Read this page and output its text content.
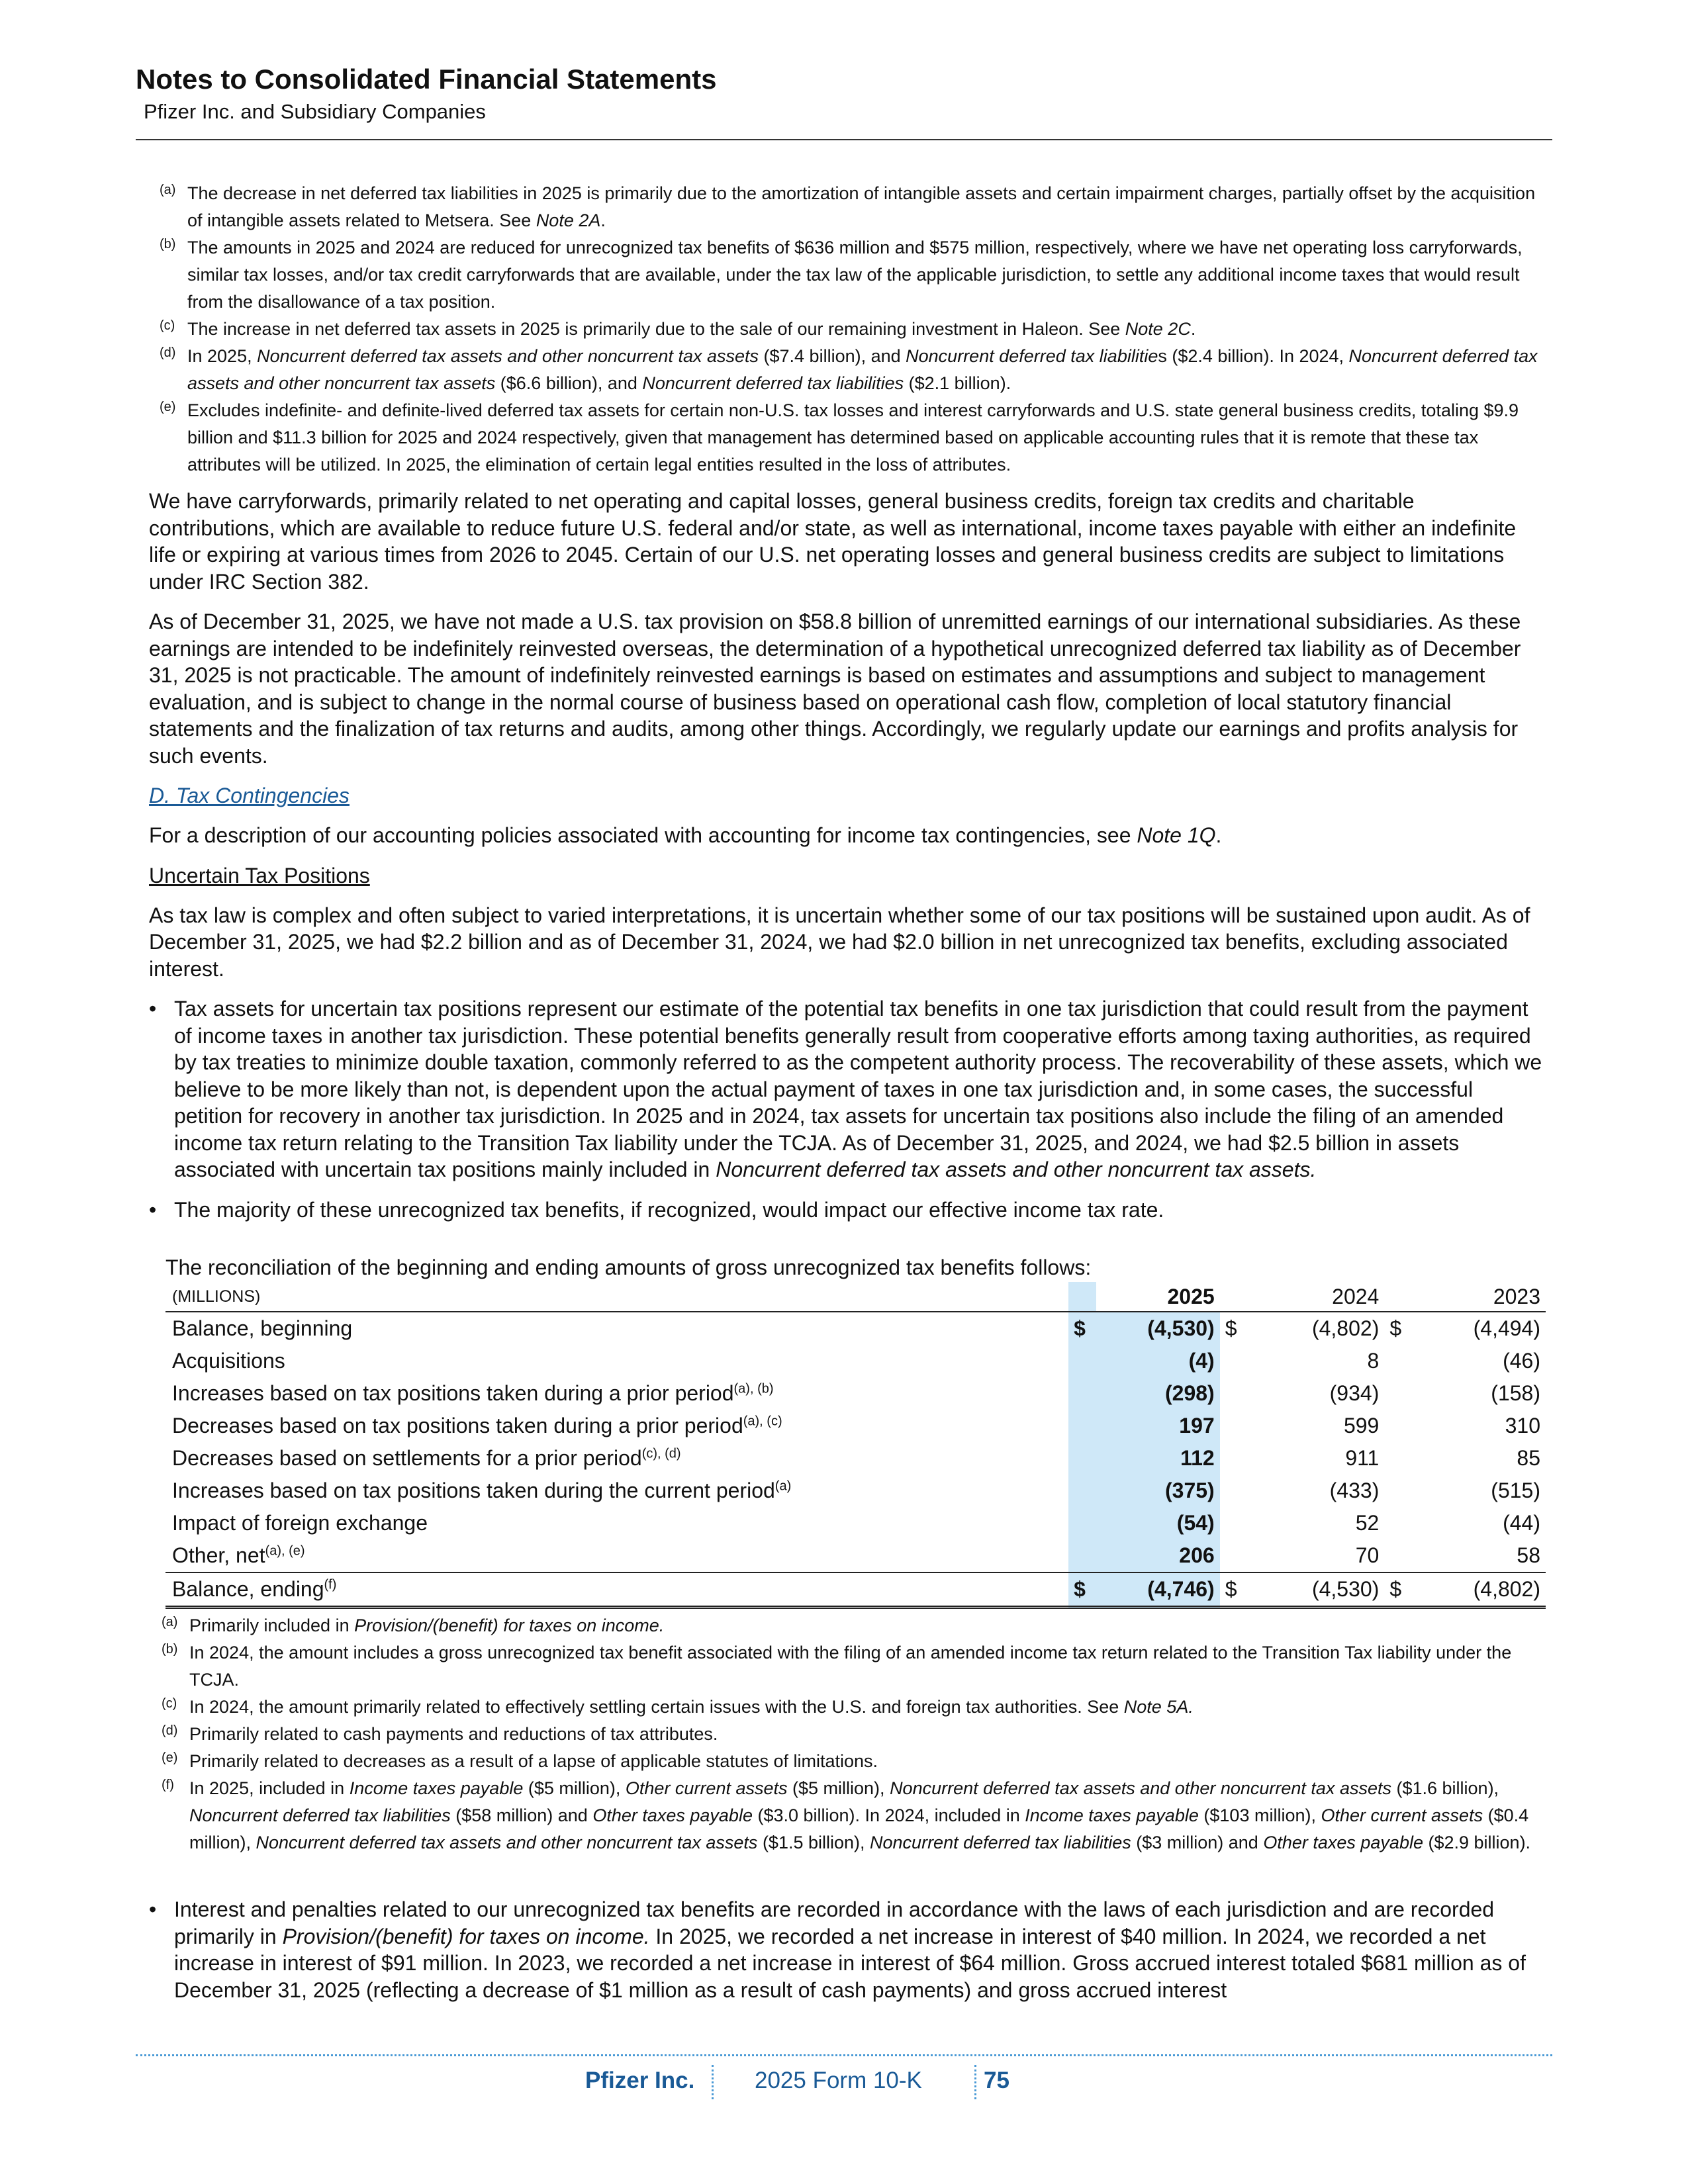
Notes to Consolidated Financial Statements
Pfizer Inc. and Subsidiary Companies
(a) The decrease in net deferred tax liabilities in 2025 is primarily due to the amortization of intangible assets and certain impairment charges, partially offset by the acquisition of intangible assets related to Metsera. See Note 2A.

(b) The amounts in 2025 and 2024 are reduced for unrecognized tax benefits of $636 million and $575 million, respectively, where we have net operating loss carryforwards, similar tax losses, and/or tax credit carryforwards that are available, under the tax law of the applicable jurisdiction, to settle any additional income taxes that would result from the disallowance of a tax position.

(c) The increase in net deferred tax assets in 2025 is primarily due to the sale of our remaining investment in Haleon. See Note 2C.

(d) In 2025, Noncurrent deferred tax assets and other noncurrent tax assets ($7.4 billion), and Noncurrent deferred tax liabilities ($2.4 billion). In 2024, Noncurrent deferred tax assets and other noncurrent tax assets ($6.6 billion), and Noncurrent deferred tax liabilities ($2.1 billion).

(e) Excludes indefinite- and definite-lived deferred tax assets for certain non-U.S. tax losses and interest carryforwards and U.S. state general business credits, totaling $9.9 billion and $11.3 billion for 2025 and 2024 respectively, given that management has determined based on applicable accounting rules that it is remote that these tax attributes will be utilized. In 2025, the elimination of certain legal entities resulted in the loss of attributes.

We have carryforwards, primarily related to net operating and capital losses, general business credits, foreign tax credits and charitable contributions, which are available to reduce future U.S. federal and/or state, as well as international, income taxes payable with either an indefinite life or expiring at various times from 2026 to 2045. Certain of our U.S. net operating losses and general business credits are subject to limitations under IRC Section 382.

As of December 31, 2025, we have not made a U.S. tax provision on $58.8 billion of unremitted earnings of our international subsidiaries. As these earnings are intended to be indefinitely reinvested overseas, the determination of a hypothetical unrecognized deferred tax liability as of December 31, 2025 is not practicable. The amount of indefinitely reinvested earnings is based on estimates and assumptions and subject to management evaluation, and is subject to change in the normal course of business based on operational cash flow, completion of local statutory financial statements and the finalization of tax returns and audits, among other things. Accordingly, we regularly update our earnings and profits analysis for such events.

D. Tax Contingencies

For a description of our accounting policies associated with accounting for income tax contingencies, see Note 1Q.

Uncertain Tax Positions

As tax law is complex and often subject to varied interpretations, it is uncertain whether some of our tax positions will be sustained upon audit. As of December 31, 2025, we had $2.2 billion and as of December 31, 2024, we had $2.0 billion in net unrecognized tax benefits, excluding associated interest.

• Tax assets for uncertain tax positions represent our estimate of the potential tax benefits in one tax jurisdiction that could result from the payment of income taxes in another tax jurisdiction. These potential benefits generally result from cooperative efforts among taxing authorities, as required by tax treaties to minimize double taxation, commonly referred to as the competent authority process. The recoverability of these assets, which we believe to be more likely than not, is dependent upon the actual payment of taxes in one tax jurisdiction and, in some cases, the successful petition for recovery in another tax jurisdiction. In 2025 and in 2024, tax assets for uncertain tax positions also include the filing of an amended income tax return relating to the Transition Tax liability under the TCJA. As of December 31, 2025, and 2024, we had $2.5 billion in assets associated with uncertain tax positions mainly included in Noncurrent deferred tax assets and other noncurrent tax assets.
• The majority of these unrecognized tax benefits, if recognized, would impact our effective income tax rate.
The reconciliation of the beginning and ending amounts of gross unrecognized tax benefits follows:
(MILLIONS)		2025		2024		2023
Balance, beginning	$	(4,530)	$	(4,802)	$	(4,494)
Acquisitions		(4)		8		(46)
Increases based on tax positions taken during a prior period$^{(a), (b)}$		(298)		(934)		(158)
Decreases based on tax positions taken during a prior period$^{(a), (c)}$		197		599		310
Decreases based on settlements for a prior period$^{(c), (d)}$		112		911		85
Increases based on tax positions taken during the current period$^{(a)}$		(375)		(433)		(515)
Impact of foreign exchange		(54)		52		(44)
Other, net$^{(a), (e)}$		206		70		58
Balance, ending$^{(f)}$	$	(4,746)	$	(4,530)	$	(4,802)
(a) Primarily included in Provision/(benefit) for taxes on income.

(b) In 2024, the amount includes a gross unrecognized tax benefit associated with the filing of an amended income tax return related to the Transition Tax liability under the TCJA.

(c) In 2024, the amount primarily related to effectively settling certain issues with the U.S. and foreign tax authorities. See Note 5A.

(d) Primarily related to cash payments and reductions of tax attributes.

(e) Primarily related to decreases as a result of a lapse of applicable statutes of limitations.

(f) In 2025, included in Income taxes payable ($5 million), Other current assets ($5 million), Noncurrent deferred tax assets and other noncurrent tax assets ($1.6 billion), Noncurrent deferred tax liabilities ($58 million) and Other taxes payable ($3.0 billion). In 2024, included in Income taxes payable ($103 million), Other current assets ($0.4 million), Noncurrent deferred tax assets and other noncurrent tax assets ($1.5 billion), Noncurrent deferred tax liabilities ($3 million) and Other taxes payable ($2.9 billion).

• Interest and penalties related to our unrecognized tax benefits are recorded in accordance with the laws of each jurisdiction and are recorded primarily in Provision/(benefit) for taxes on income. In 2025, we recorded a net increase in interest of $40 million. In 2024, we recorded a net increase in interest of $91 million. In 2023, we recorded a net increase in interest of $64 million. Gross accrued interest totaled $681 million as of December 31, 2025 (reflecting a decrease of $1 million as a result of cash payments) and gross accrued interest
Pfizer Inc.	2025 Form 10-K	75
